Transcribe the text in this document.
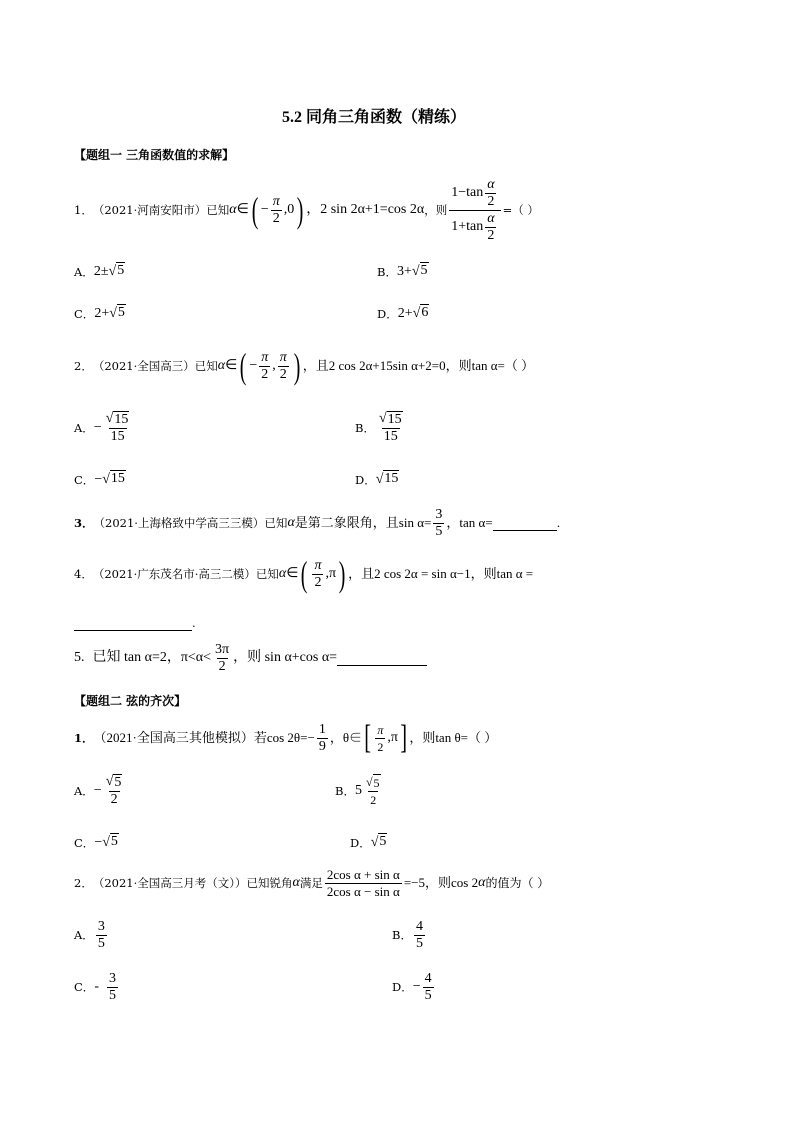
5.2 同角三角函数（精练）
【题组一 三角函数值的求解】
1． （2021·河南安阳市）已知 α ∈ ( − $\frac{\pi}{2} ,0$ ) ，2 sin 2α+1=cos 2α ，则 $\frac{1-\tan \frac{\alpha}{2}}{1+\tan \frac{\alpha}{2}}$ =（ ）
A． 2± √ 5	B． 3+ √ 5
C． 2+ √ 5	D． 2+ √ 6
2． （2021·全国高三）已知 α ∈ ( − $\frac{\pi}{2}$ , $\frac{\pi}{2}$ ) ，且2 cos 2α+15sin α+2=0，则tan α=（ ）
A． − $\frac{√ 15}{15}$	B． $\frac{√ 15}{15}$
C． − √ 15	D． √ 15
3． （2021·上海格致中学高三三模）已知 α 是第二象限角，且$\sin \alpha= \frac{3}{5}$ ，tan α=	.
4． （2021·广东茂名市·高三二模）已知 α ∈ ( $\frac{\pi}{2} ,\pi$ ) ，且2 cos 2α = sin α−1，则tan α =
.
5. 已知 tan α=2，$\pi<\alpha< \frac{3\pi}{2}$ ，则 sin α+cos α=
【题组二 弦的齐次】
1． （2021·全国高三其他模拟）若$\cos 2\theta=- \frac{1}{9}$ ，θ∈ [ $\frac{\pi}{2} ,\pi$ ] ，则tan θ=（ ）
A． − $\frac{√ 5}{2}$	B． $5 \frac{√ 5}{2}$
C． − √ 5	D． √ 5
2． （2021·全国高三月考（文））已知锐角 α 满足 $\frac{\text{2cos α + sin α}}{\text{2cos α − sin α}} =-5$，则cos 2 α 的值为（ ）
A． $\frac{3}{5}$	B． $\frac{4}{5}$
C． - $\frac{3}{5}$	D． − $\frac{4}{5}$
